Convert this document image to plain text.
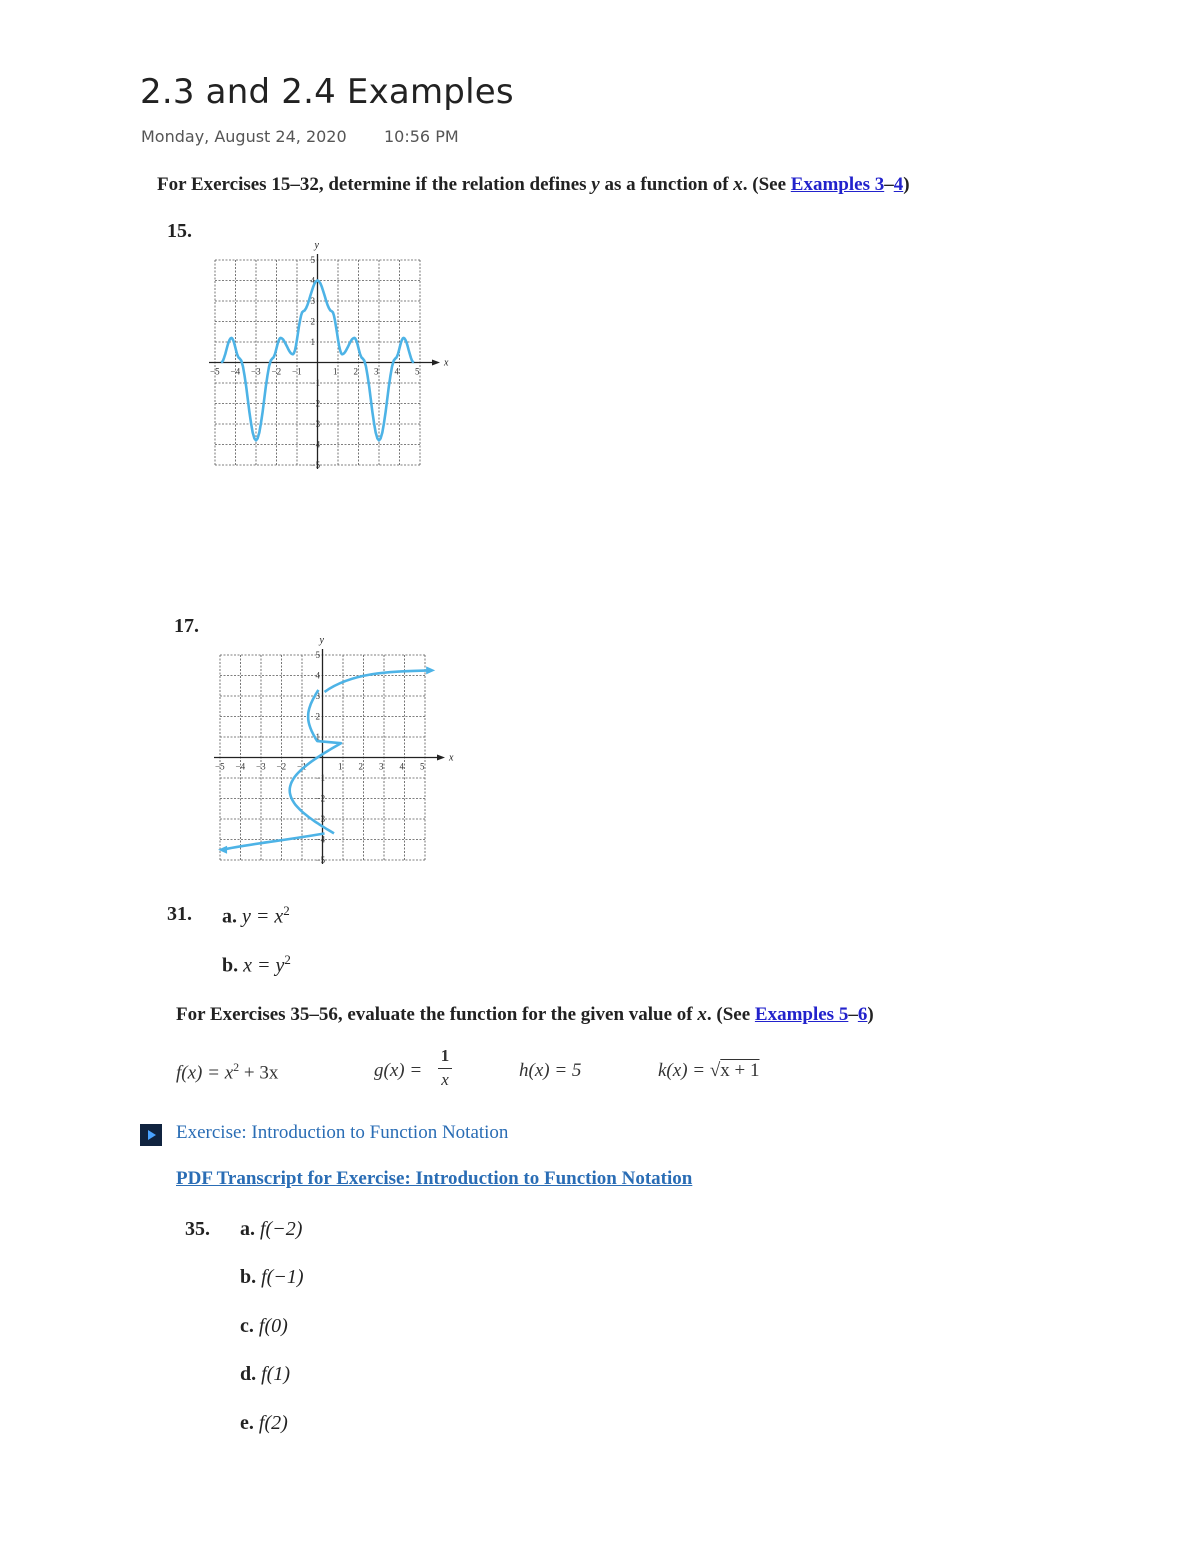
2.3 and 2.4 Examples
Monday, August 24, 2020 10:56 PM
For Exercises 15–32, determine if the relation defines y as a function of x. (See Examples 3–4)
15.
x
y
−5 −4 −3 −2 −1	1 2 3 4 5
5
4
3
2
1
−1
−2
−3
−4
−5
17.
x
y
−5 −4 −3 −2 −1	1 2 3 4 5
5
4
3
2
1
−1
−2
−3
−4
−5
31. a. $y = x^2$
b. $x = y^2$
For Exercises 35–56, evaluate the function for the given value of x. (See Examples 5–6)
$f(x) = x^2 + 3x$	g(x) =
1
x	h(x) = 5	k(x) = √x + 1
Exercise: Introduction to Function Notation
PDF Transcript for Exercise: Introduction to Function Notation
35. a. f(−2)
b. f(−1)
c. f(0)
d. f(1)
e. f(2)
